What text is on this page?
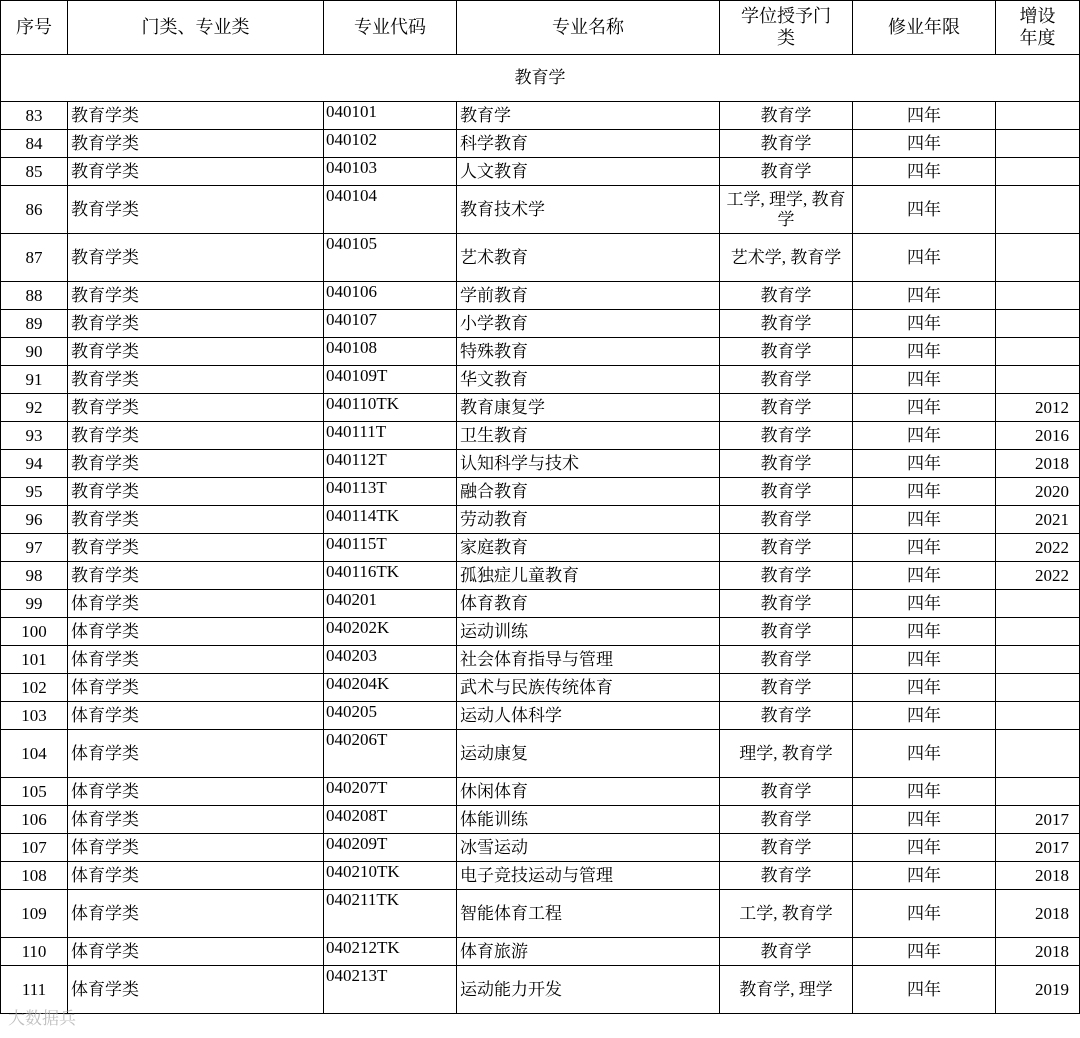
序号	门类、专业类	专业代码	专业名称	学位授予门类	修业年限	增设年度
教育学						
83	教育学类	040101	教育学	教育学	四年	
84	教育学类	040102	科学教育	教育学	四年	
85	教育学类	040103	人文教育	教育学	四年	
86	教育学类	040104	教育技术学	工学, 理学, 教育学	四年	
87	教育学类	040105	艺术教育	艺术学, 教育学	四年	
88	教育学类	040106	学前教育	教育学	四年	
89	教育学类	040107	小学教育	教育学	四年	
90	教育学类	040108	特殊教育	教育学	四年	
91	教育学类	040109T	华文教育	教育学	四年	
92	教育学类	040110TK	教育康复学	教育学	四年	2012
93	教育学类	040111T	卫生教育	教育学	四年	2016
94	教育学类	040112T	认知科学与技术	教育学	四年	2018
95	教育学类	040113T	融合教育	教育学	四年	2020
96	教育学类	040114TK	劳动教育	教育学	四年	2021
97	教育学类	040115T	家庭教育	教育学	四年	2022
98	教育学类	040116TK	孤独症儿童教育	教育学	四年	2022
99	体育学类	040201	体育教育	教育学	四年	
100	体育学类	040202K	运动训练	教育学	四年	
101	体育学类	040203	社会体育指导与管理	教育学	四年	
102	体育学类	040204K	武术与民族传统体育	教育学	四年	
103	体育学类	040205	运动人体科学	教育学	四年	
104	体育学类	040206T	运动康复	理学, 教育学	四年	
105	体育学类	040207T	休闲体育	教育学	四年	
106	体育学类	040208T	体能训练	教育学	四年	2017
107	体育学类	040209T	冰雪运动	教育学	四年	2017
108	体育学类	040210TK	电子竞技运动与管理	教育学	四年	2018
109	体育学类	040211TK	智能体育工程	工学, 教育学	四年	2018
110	体育学类	040212TK	体育旅游	教育学	四年	2018
111	体育学类	040213T	运动能力开发	教育学, 理学	四年	2019
大数据兵
